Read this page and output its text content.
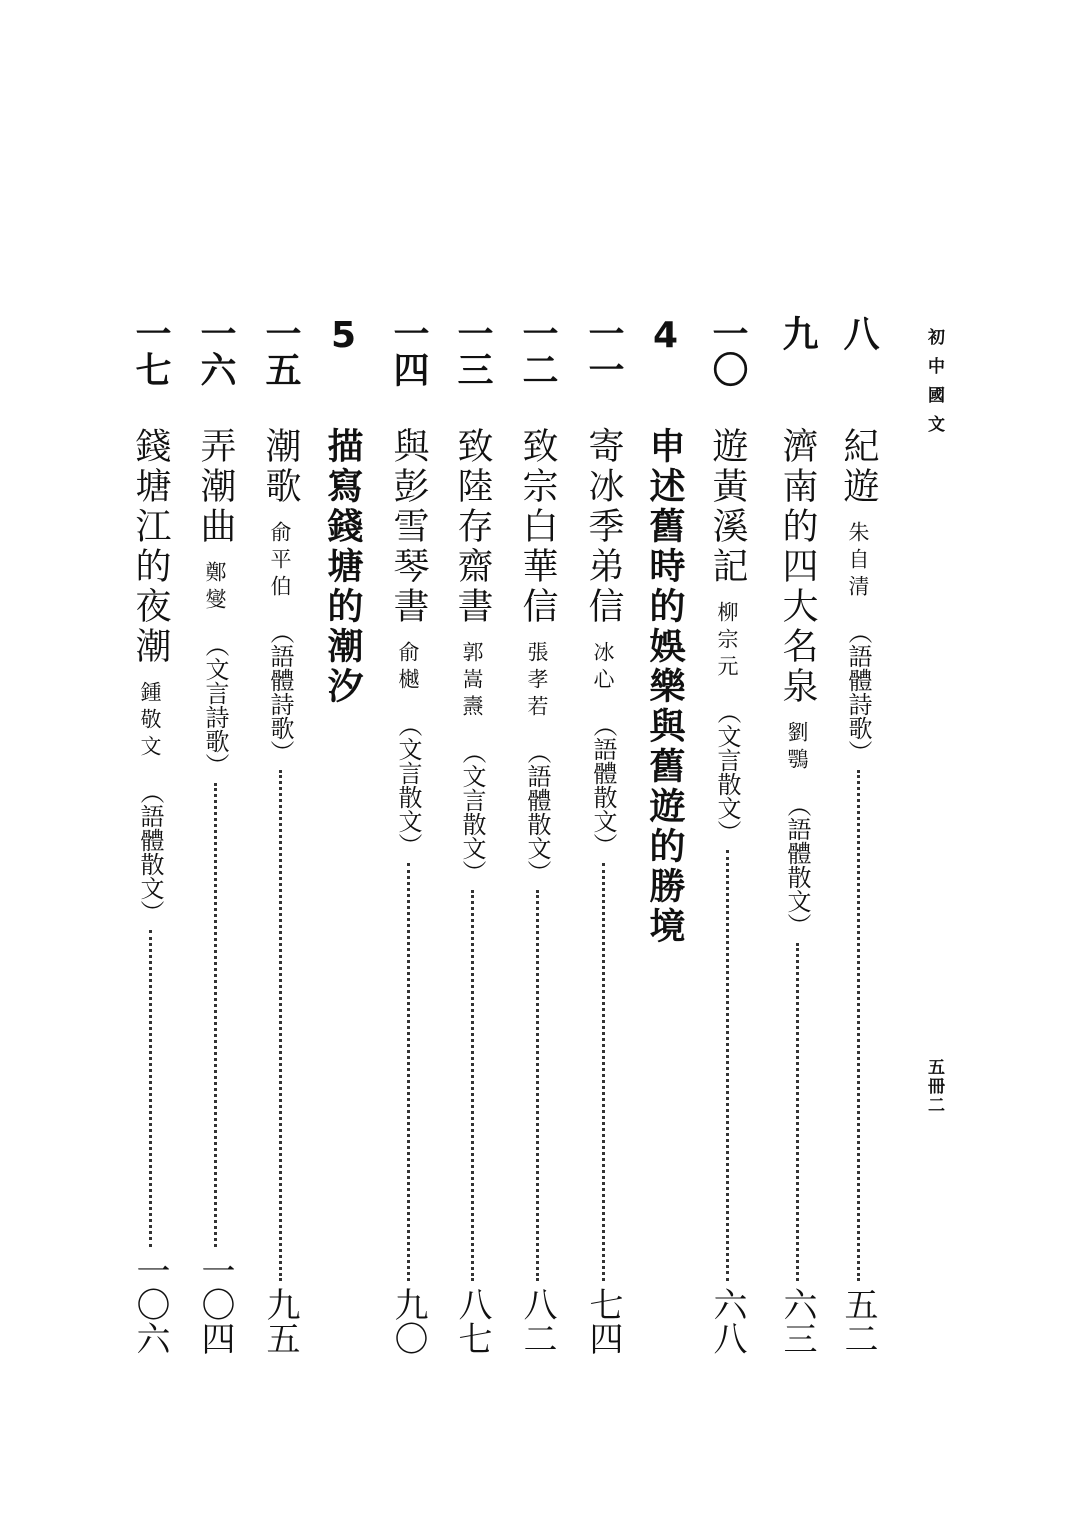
初中國文
五冊二
八
紀遊
朱自清
（語體詩歌）
五二
九
濟南的四大名泉
劉鶚
（語體散文）
六三
一〇
遊黃溪記
柳宗元
（文言散文）
六八
4
申述舊時的娛樂與舊遊的勝境
一一
寄冰季弟信
冰心
（語體散文）
七四
一二
致宗白華信
張孝若
（語體散文）
八二
一三
致陸存齋書
郭嵩燾
（文言散文）
八七
一四
與彭雪琴書
俞樾
（文言散文）
九〇
5
描寫錢塘的潮汐
一五
潮歌
俞平伯
（語體詩歌）
九五
一六
弄潮曲
鄭燮
（文言詩歌）
一〇四
一七
錢塘江的夜潮
鍾敬文
（語體散文）
一〇六
